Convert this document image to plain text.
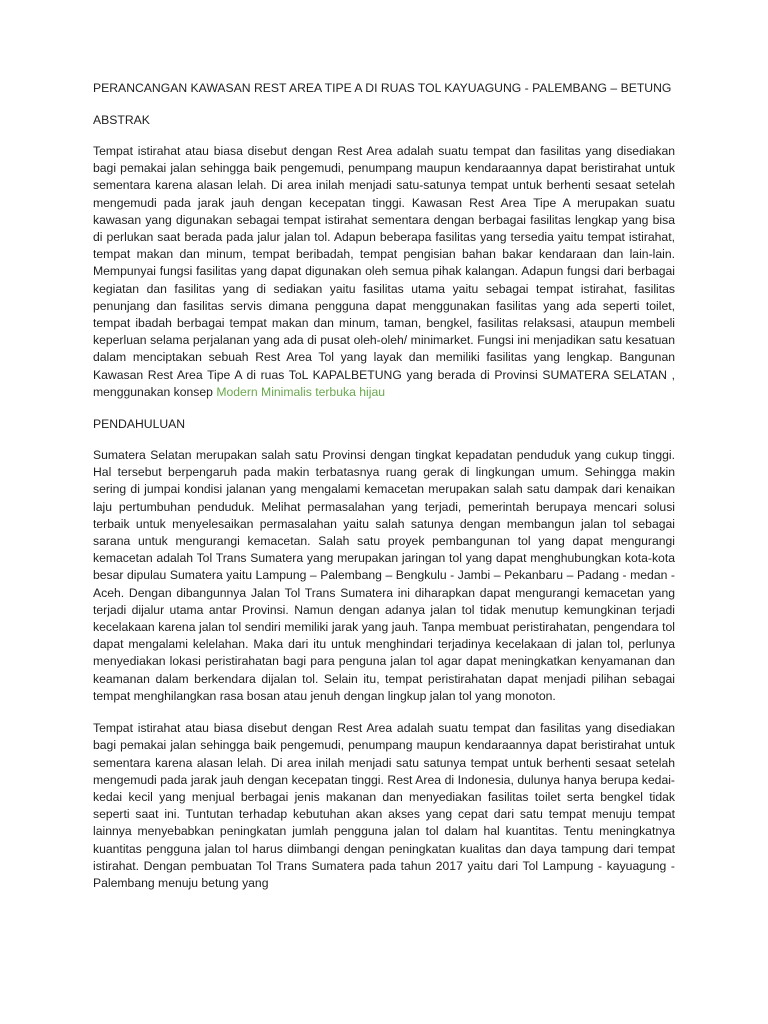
PERANCANGAN KAWASAN REST AREA TIPE A DI RUAS TOL KAYUAGUNG - PALEMBANG – BETUNG

ABSTRAK

Tempat istirahat atau biasa disebut dengan Rest Area adalah suatu tempat dan fasilitas yang disediakan bagi pemakai jalan sehingga baik pengemudi, penumpang maupun kendaraannya dapat beristirahat untuk sementara karena alasan lelah. Di area inilah menjadi satu-satunya tempat untuk berhenti sesaat setelah mengemudi pada jarak jauh dengan kecepatan tinggi. Kawasan Rest Area Tipe A merupakan suatu kawasan yang digunakan sebagai tempat istirahat sementara dengan berbagai fasilitas lengkap yang bisa di perlukan saat berada pada jalur jalan tol. Adapun beberapa fasilitas yang tersedia yaitu tempat istirahat, tempat makan dan minum, tempat beribadah, tempat pengisian bahan bakar kendaraan dan lain-lain. Mempunyai fungsi fasilitas yang dapat digunakan oleh semua pihak kalangan. Adapun fungsi dari berbagai kegiatan dan fasilitas yang di sediakan yaitu fasilitas utama yaitu sebagai tempat istirahat, fasilitas penunjang dan fasilitas servis dimana pengguna dapat menggunakan fasilitas yang ada seperti toilet, tempat ibadah berbagai tempat makan dan minum, taman, bengkel, fasilitas relaksasi, ataupun membeli keperluan selama perjalanan yang ada di pusat oleh-oleh/ minimarket. Fungsi ini menjadikan satu kesatuan dalam menciptakan sebuah Rest Area Tol yang layak dan memiliki fasilitas yang lengkap. Bangunan Kawasan Rest Area Tipe A di ruas ToL KAPALBETUNG yang berada di Provinsi SUMATERA SELATAN , menggunakan konsep Modern Minimalis terbuka hijau

PENDAHULUAN

Sumatera Selatan merupakan salah satu Provinsi dengan tingkat kepadatan penduduk yang cukup tinggi. Hal tersebut berpengaruh pada makin terbatasnya ruang gerak di lingkungan umum. Sehingga makin sering di jumpai kondisi jalanan yang mengalami kemacetan merupakan salah satu dampak dari kenaikan laju pertumbuhan penduduk. Melihat permasalahan yang terjadi, pemerintah berupaya mencari solusi terbaik untuk menyelesaikan permasalahan yaitu salah satunya dengan membangun jalan tol sebagai sarana untuk mengurangi kemacetan. Salah satu proyek pembangunan tol yang dapat mengurangi kemacetan adalah Tol Trans Sumatera yang merupakan jaringan tol yang dapat menghubungkan kota-kota besar dipulau Sumatera yaitu Lampung – Palembang – Bengkulu - Jambi – Pekanbaru – Padang - medan - Aceh. Dengan dibangunnya Jalan Tol Trans Sumatera ini diharapkan dapat mengurangi kemacetan yang terjadi dijalur utama antar Provinsi. Namun dengan adanya jalan tol tidak menutup kemungkinan terjadi kecelakaan karena jalan tol sendiri memiliki jarak yang jauh. Tanpa membuat peristirahatan, pengendara tol dapat mengalami kelelahan. Maka dari itu untuk menghindari terjadinya kecelakaan di jalan tol, perlunya menyediakan lokasi peristirahatan bagi para penguna jalan tol agar dapat meningkatkan kenyamanan dan keamanan dalam berkendara dijalan tol. Selain itu, tempat peristirahatan dapat menjadi pilihan sebagai tempat menghilangkan rasa bosan atau jenuh dengan lingkup jalan tol yang monoton.

Tempat istirahat atau biasa disebut dengan Rest Area adalah suatu tempat dan fasilitas yang disediakan bagi pemakai jalan sehingga baik pengemudi, penumpang maupun kendaraannya dapat beristirahat untuk sementara karena alasan lelah. Di area inilah menjadi satu satunya tempat untuk berhenti sesaat setelah mengemudi pada jarak jauh dengan kecepatan tinggi. Rest Area di Indonesia, dulunya hanya berupa kedai-kedai kecil yang menjual berbagai jenis makanan dan menyediakan fasilitas toilet serta bengkel tidak seperti saat ini. Tuntutan terhadap kebutuhan akan akses yang cepat dari satu tempat menuju tempat lainnya menyebabkan peningkatan jumlah pengguna jalan tol dalam hal kuantitas. Tentu meningkatnya kuantitas pengguna jalan tol harus diimbangi dengan peningkatan kualitas dan daya tampung dari tempat istirahat. Dengan pembuatan Tol Trans Sumatera pada tahun 2017 yaitu dari Tol Lampung - kayuagung - Palembang menuju betung yang
